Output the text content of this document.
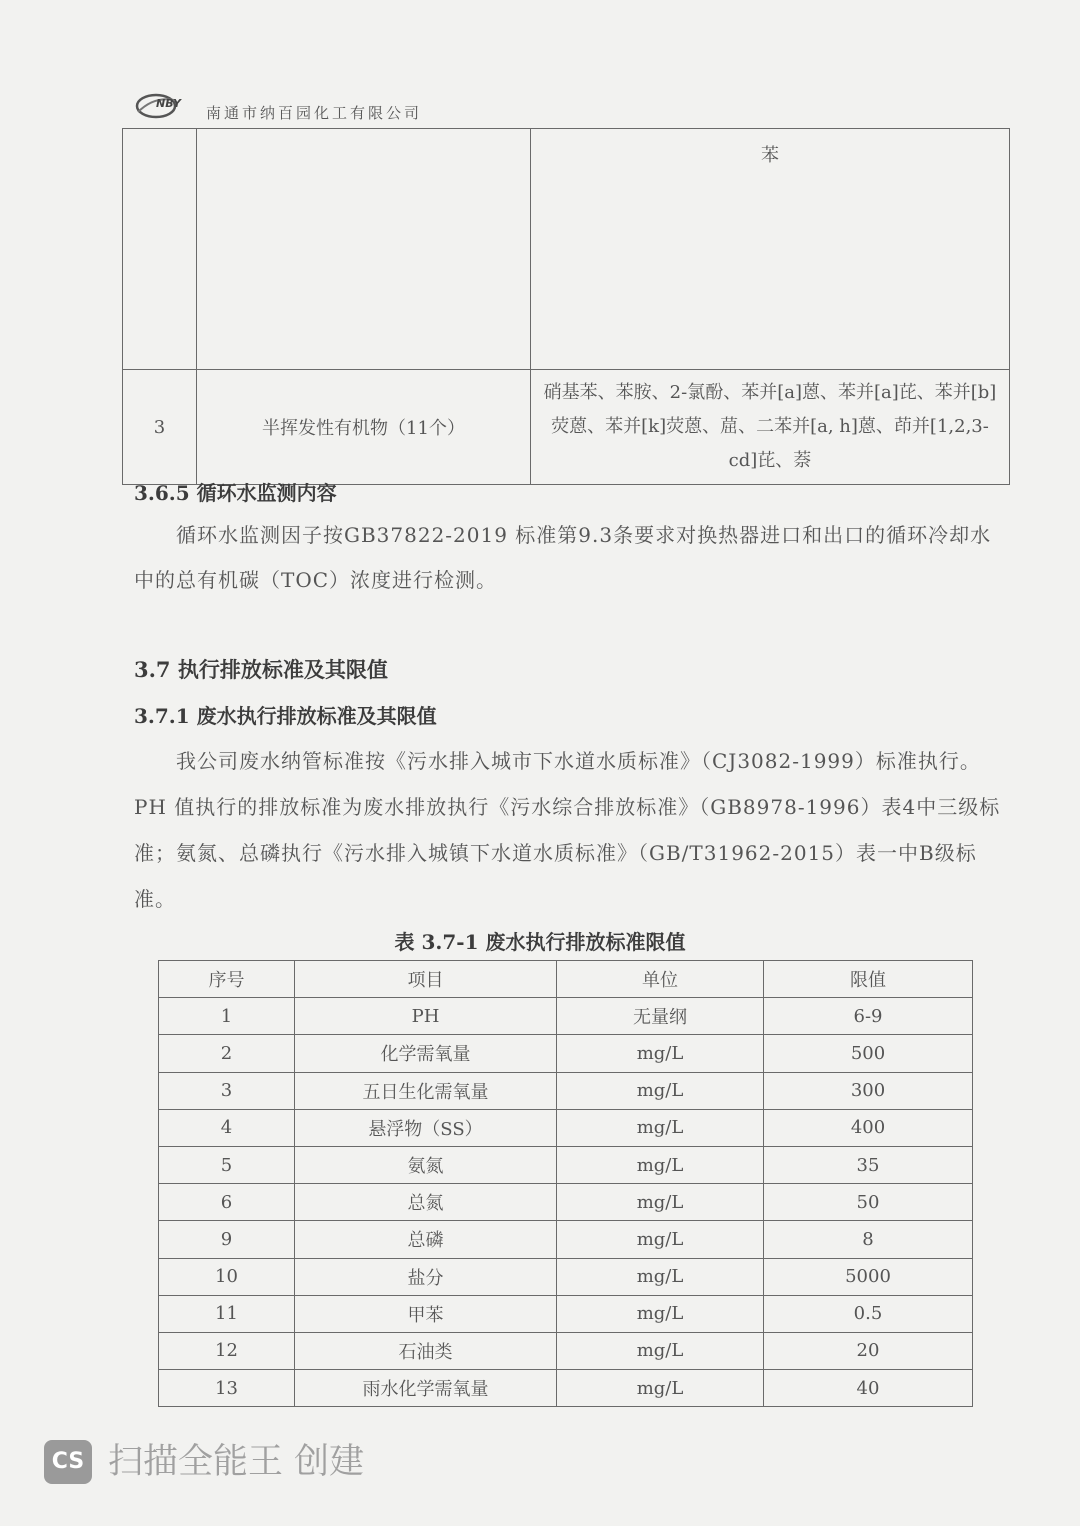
NBY
南通市纳百园化工有限公司
		苯
3	半挥发性有机物（11个）	硝基苯、苯胺、2-氯酚、苯并[a]蒽、苯并[a]芘、苯并[b]荧蒽、苯并[k]荧蒽、䓛、二苯并[a, h]蒽、茚并[1,2,3-cd]芘、萘
3.6.5 循环水监测内容
循环水监测因子按GB37822-2019 标准第9.3条要求对换热器进口和出口的循环冷却水中的总有机碳（TOC）浓度进行检测。
3.7 执行排放标准及其限值
3.7.1 废水执行排放标准及其限值
我公司废水纳管标准按《污水排入城市下水道水质标准》（CJ3082-1999）标准执行。PH 值执行的排放标准为废水排放执行《污水综合排放标准》（GB8978-1996）表4中三级标准；氨氮、总磷执行《污水排入城镇下水道水质标准》（GB/T31962-2015）表一中B级标准。
表 3.7-1 废水执行排放标准限值
序号	项目	单位	限值
1	PH	无量纲	6-9
2	化学需氧量	mg/L	500
3	五日生化需氧量	mg/L	300
4	悬浮物（SS）	mg/L	400
5	氨氮	mg/L	35
6	总氮	mg/L	50
9	总磷	mg/L	8
10	盐分	mg/L	5000
11	甲苯	mg/L	0.5
12	石油类	mg/L	20
13	雨水化学需氧量	mg/L	40
CS 扫描全能王 创建
